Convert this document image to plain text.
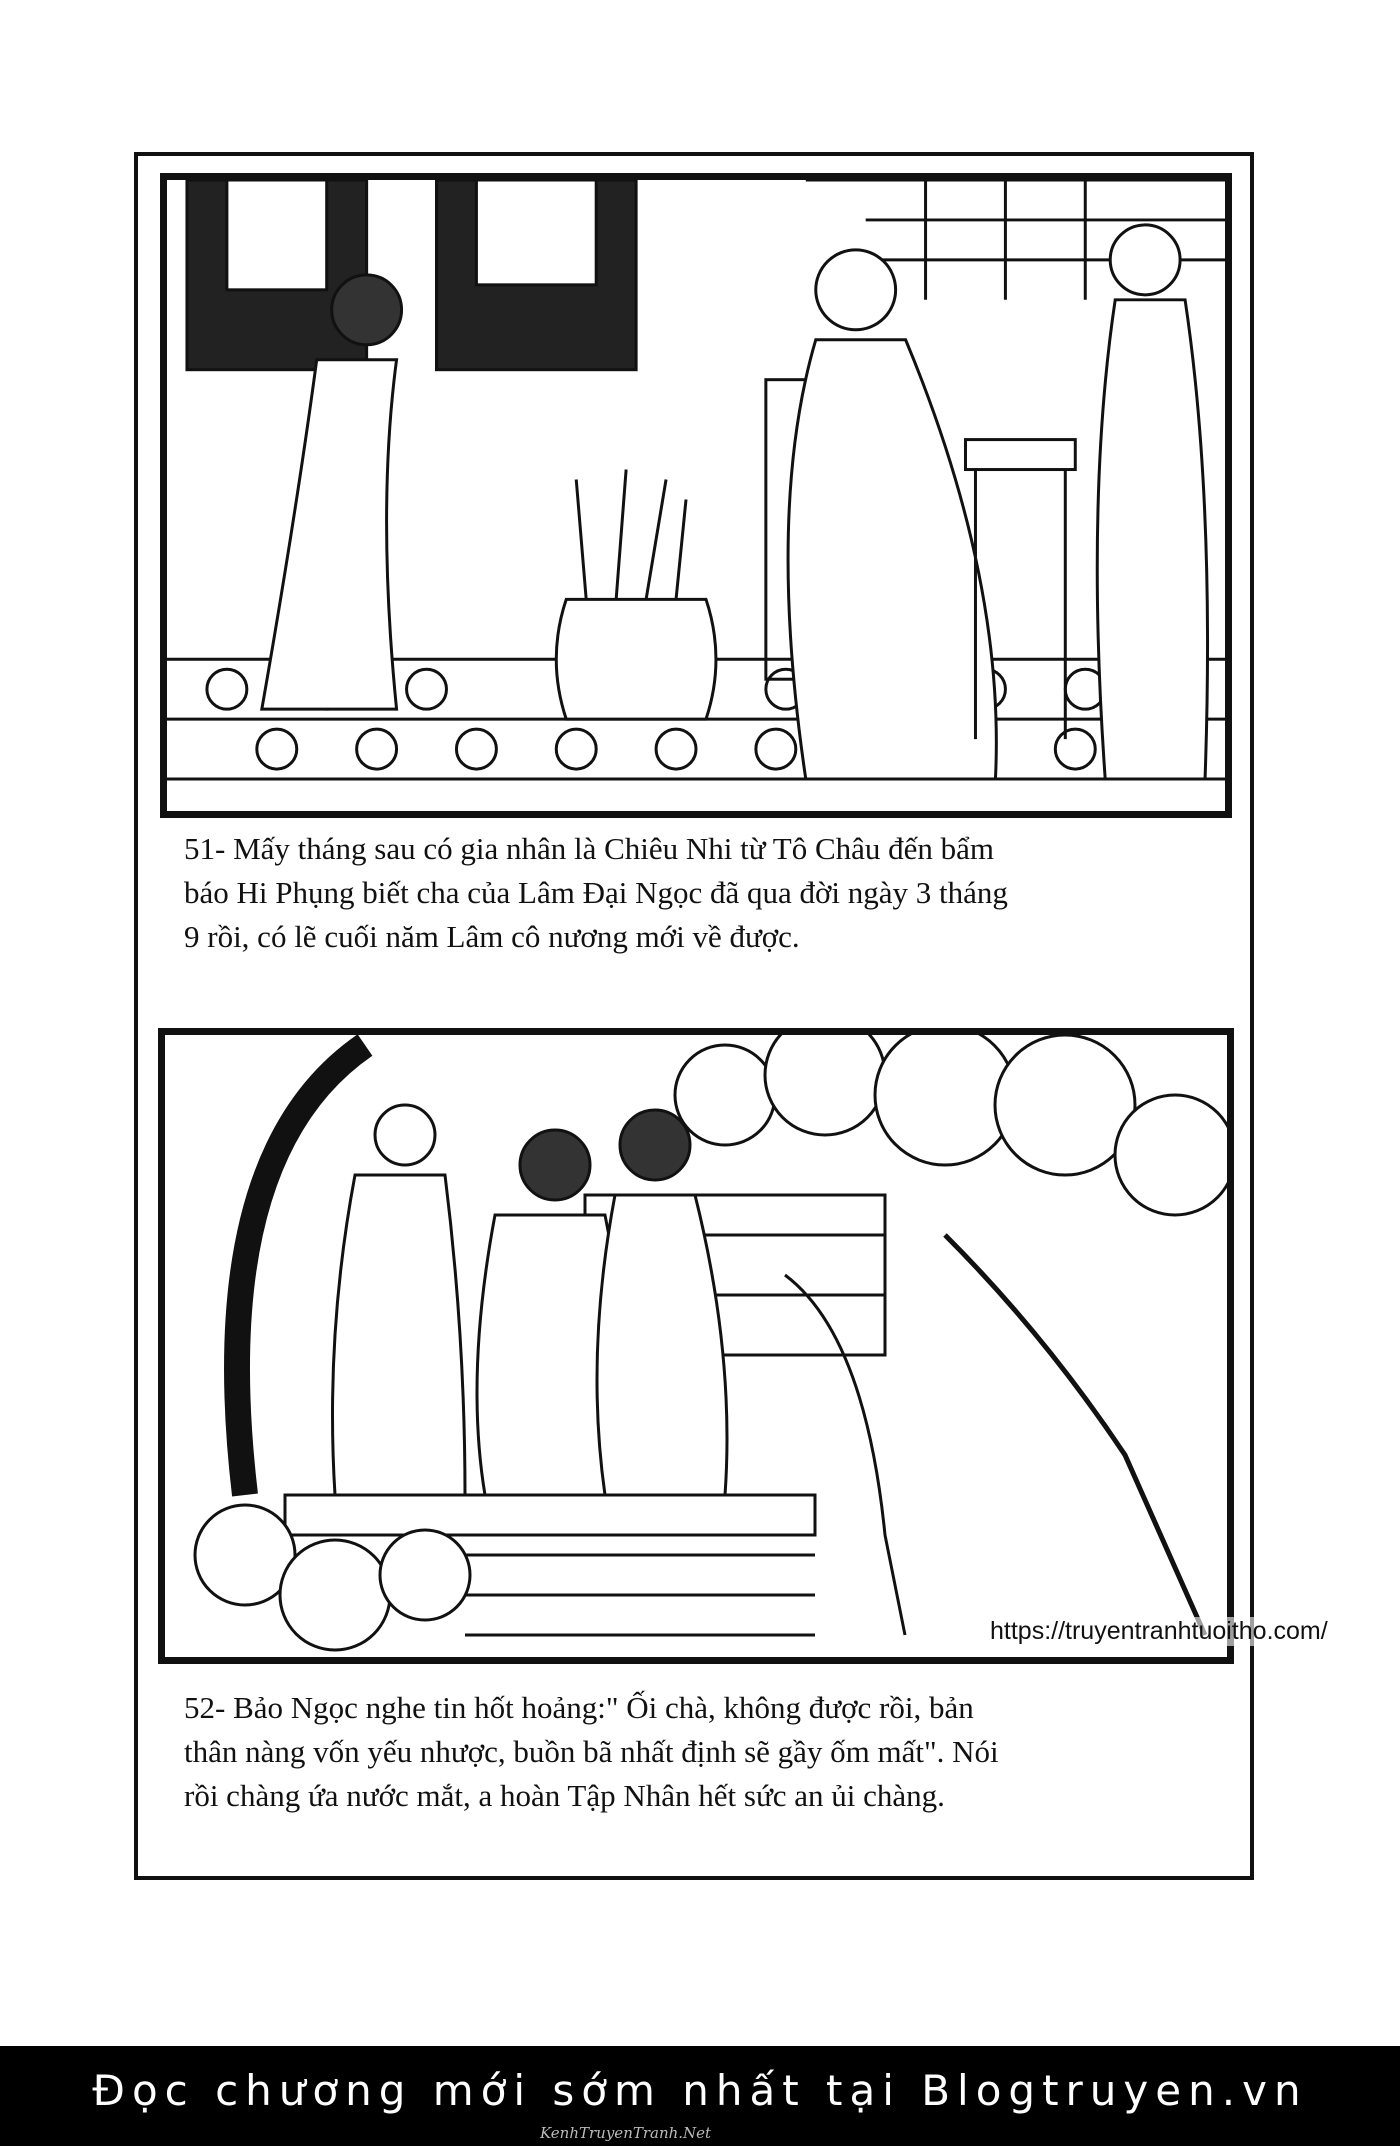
51- Mấy tháng sau có gia nhân là Chiêu Nhi từ Tô Châu đến bẩm

báo Hi Phụng biết cha của Lâm Đại Ngọc đã qua đời ngày 3 tháng

9 rồi, có lẽ cuối năm Lâm cô nương mới về được.

https://truyentranhtuoitho.com/

52- Bảo Ngọc nghe tin hốt hoảng:" Ối chà, không được rồi, bản

thân nàng vốn yếu nhược, buồn bã nhất định sẽ gầy ốm mất". Nói

rồi chàng ứa nước mắt, a hoàn Tập Nhân hết sức an ủi chàng.

Đọc chương mới sớm nhất tại Blogtruyen.vn
KenhTruyenTranh.Net
